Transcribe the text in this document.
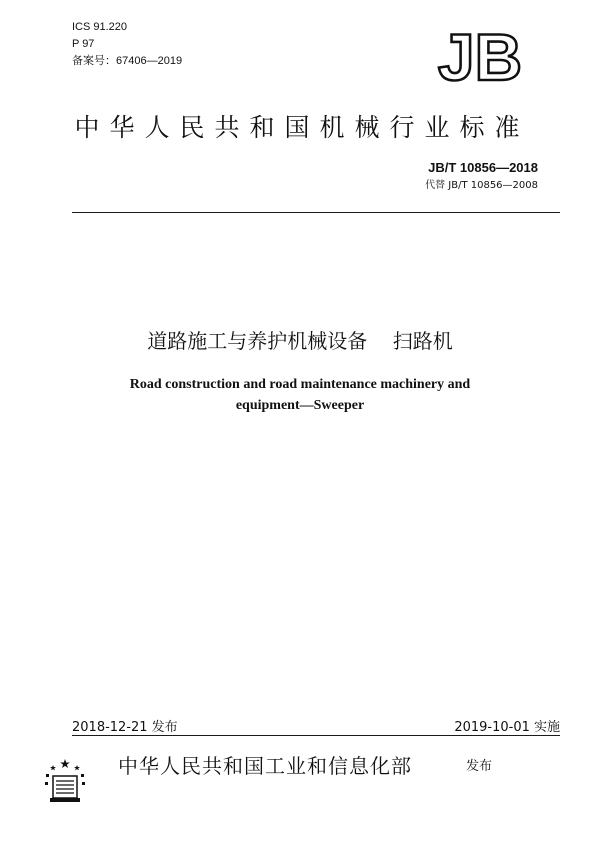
ICS 91.220
P 97
备案号：67406—2019	JB
中华人民共和国机械行业标准
JB/T 10856—2018
代替 JB/T 10856—2008
道路施工与养护机械设备    扫路机
Road construction and road maintenance machinery and
equipment—Sweeper
2018-12-21 发布	2019-10-01 实施
中华人民共和国工业和信息化部	发布
